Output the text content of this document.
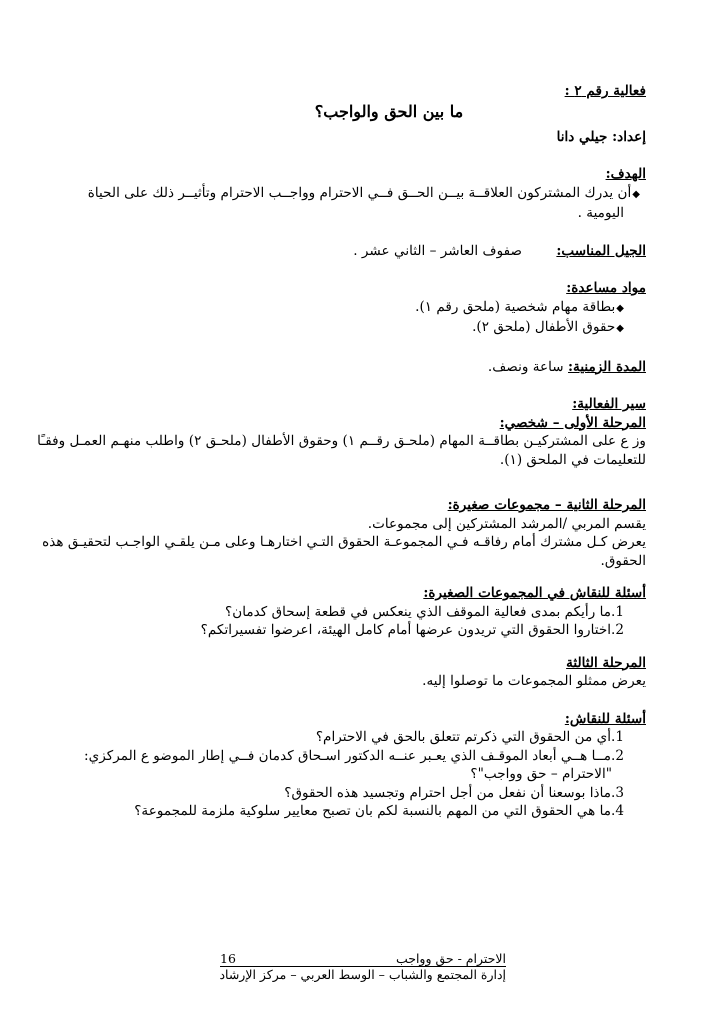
فعالية رقم ٢ :

ما بين الحق والواجب؟

إعداد: جيلي دانا

الهدف:

◆ أن يدرك المشتركون العلاقــة بيــن الحــق فــي الاحترام وواجــب الاحترام وتأثيــر ذلك على الحياة

اليومية .

الجيل المناسب: صفوف العاشر – الثاني عشر .

مواد مساعدة:

◆ بطاقة مهام شخصية (ملحق رقم ١).

◆ حقوق الأطفال (ملحق ٢).

المدة الزمنية: ساعة ونصف.

سير الفعالية:

المرحلة الأولى – شخصي:

وز ع على المشتركيـن بطاقــة المهام (ملحـق رقــم ١) وحقوق الأطفال (ملحـق ٢) واطلب منهـم العمـل وفقـًا

للتعليمات في الملحق (١).

المرحلة الثانية – مجموعات صغيرة:

يقسم المربي /المرشد المشتركين إلى مجموعات.

يعرض كـل مشترك أمام رفاقـه فـي المجموعـة الحقوق التـي اختارهـا وعلى مـن يلقـي الواجـب لتحقيـق هذه

الحقوق.

أسئلة للنقاش في المجموعات الصغيرة:

1.ما رأيكم بمدى فعالية الموقف الذي ينعكس في قطعة إسحاق كدمان؟

2.اختاروا الحقوق التي تريدون عرضها أمام كامل الهيئة، اعرضوا تفسيراتكم؟

المرحلة الثالثة

يعرض ممثلو المجموعات ما توصلوا إليه.

أسئلة للنقاش:

1.أي من الحقوق التي ذكرتم تتعلق بالحق في الاحترام؟

2.مــا هــي أبعاد الموقـف الذي يعـبر عنــه الدكتور اسـحاق كدمان فــي إطار الموضو ع المركزي:

"الاحترام – حق وواجب"؟

3.ماذا بوسعنا أن نفعل من أجل احترام وتجسيد هذه الحقوق؟

4.ما هي الحقوق التي من المهم بالنسبة لكم بان تصبح معايير سلوكية ملزمة للمجموعة؟

الاحترام - حق وواجب
16
إدارة المجتمع والشباب – الوسط العربي – مركز الإرشاد
